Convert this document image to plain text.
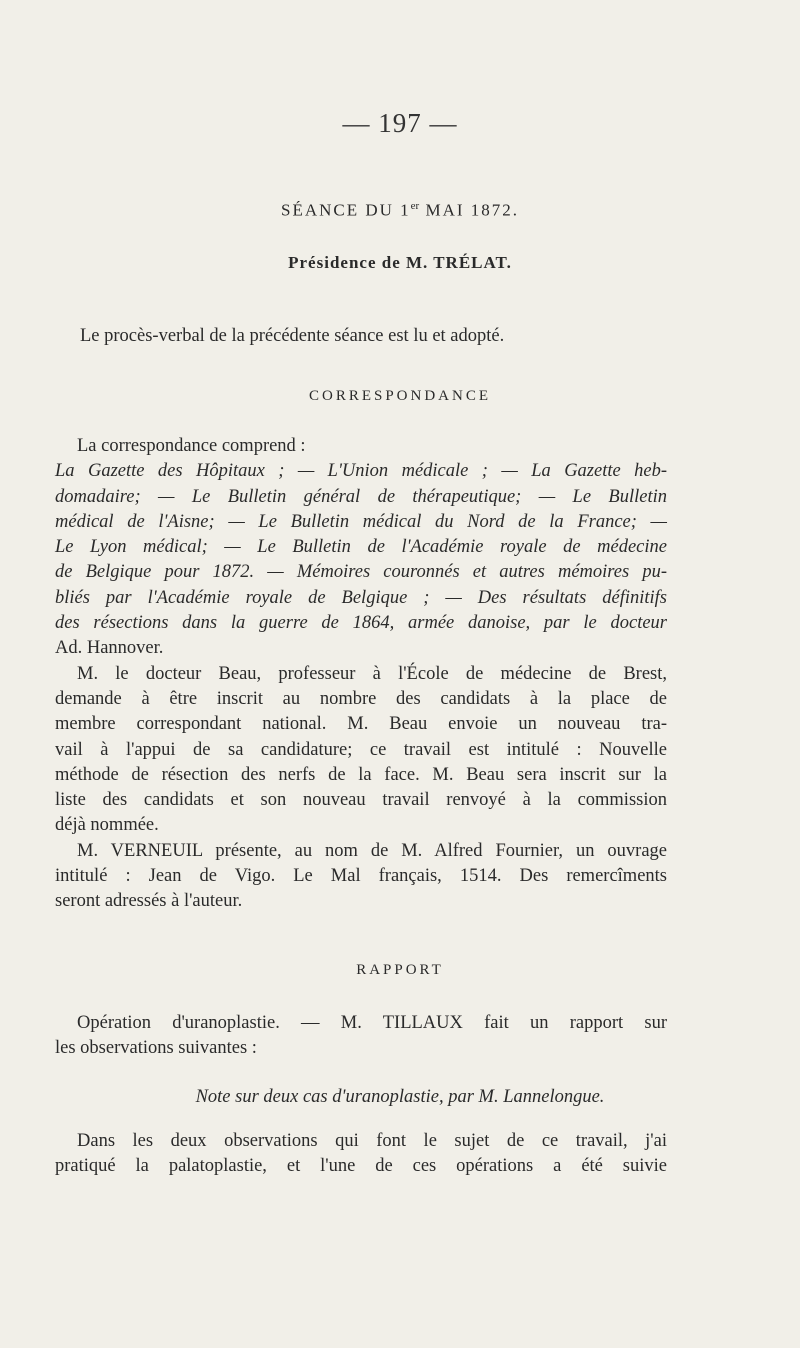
— 197 —
SÉANCE DU 1er MAI 1872.
Présidence de M. TRÉLAT.
Le procès-verbal de la précédente séance est lu et adopté.
CORRESPONDANCE
La correspondance comprend :
La Gazette des Hôpitaux ; — L'Union médicale ; — La Gazette heb-
domadaire; — Le Bulletin général de thérapeutique; — Le Bulletin
médical de l'Aisne; — Le Bulletin médical du Nord de la France; —
Le Lyon médical; — Le Bulletin de l'Académie royale de médecine
de Belgique pour 1872. — Mémoires couronnés et autres mémoires pu-
bliés par l'Académie royale de Belgique ; — Des résultats définitifs
des résections dans la guerre de 1864, armée danoise, par le docteur
Ad. Hannover.
M. le docteur Beau, professeur à l'École de médecine de Brest,
demande à être inscrit au nombre des candidats à la place de
membre correspondant national. M. Beau envoie un nouveau tra-
vail à l'appui de sa candidature; ce travail est intitulé : Nouvelle
méthode de résection des nerfs de la face. M. Beau sera inscrit sur la
liste des candidats et son nouveau travail renvoyé à la commission
déjà nommée.
M. VERNEUIL présente, au nom de M. Alfred Fournier, un ouvrage
intitulé : Jean de Vigo. Le Mal français, 1514. Des remercîments
seront adressés à l'auteur.
RAPPORT
Opération d'uranoplastie. — M. TILLAUX fait un rapport sur
les observations suivantes :
Note sur deux cas d'uranoplastie, par M. Lannelongue.
Dans les deux observations qui font le sujet de ce travail, j'ai
pratiqué la palatoplastie, et l'une de ces opérations a été suivie
